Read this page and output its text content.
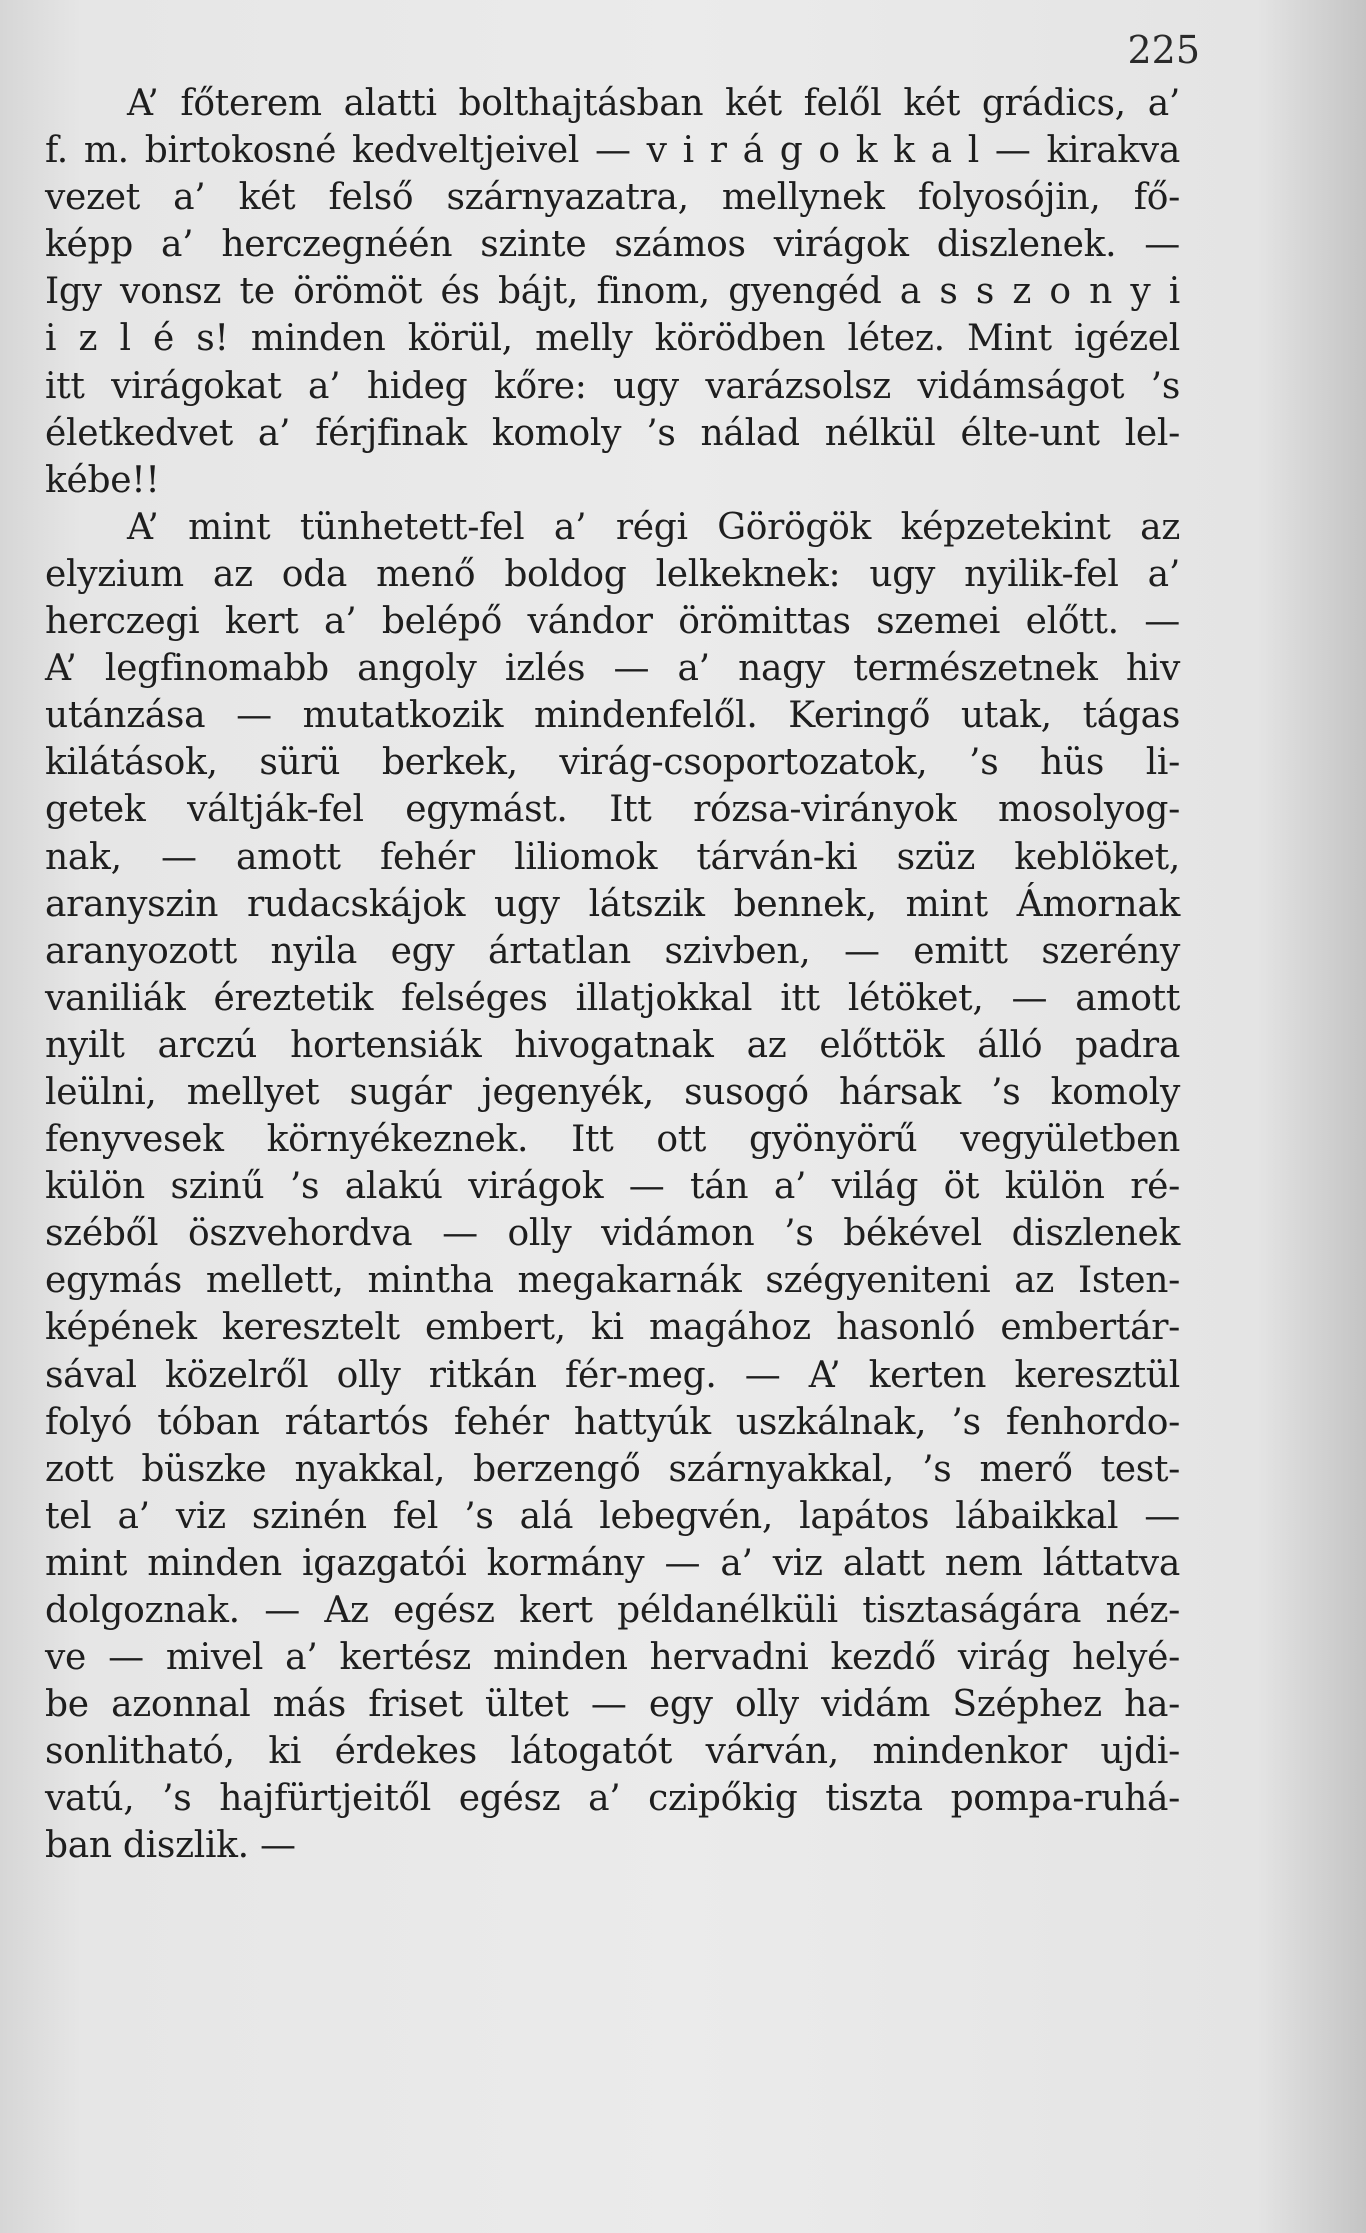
225
A’ főterem alatti bolthajtásban két felől két grádics, a’
f. m. birtokosné kedveltjeivel — v i r á g o k k a l — kirakva
vezet a’ két felső szárnyazatra, mellynek folyosójin, fő-
képp a’ herczegnéén szinte számos virágok diszlenek. —
Igy vonsz te örömöt és bájt, finom, gyengéd a s s z o n y i
i z l é s! minden körül, melly körödben létez. Mint igézel
itt virágokat a’ hideg kőre: ugy varázsolsz vidámságot ’s
életkedvet a’ férjfinak komoly ’s nálad nélkül élte-unt lel-
kébe!!
A’ mint tünhetett-fel a’ régi Görögök képzetekint az
elyzium az oda menő boldog lelkeknek: ugy nyilik-fel a’
herczegi kert a’ belépő vándor örömittas szemei előtt. —
A’ legfinomabb angoly izlés — a’ nagy természetnek hiv
utánzása — mutatkozik mindenfelől. Keringő utak, tágas
kilátások, sürü berkek, virág-csoportozatok, ’s hüs li-
getek váltják-fel egymást. Itt rózsa-virányok mosolyog-
nak, — amott fehér liliomok tárván-ki szüz keblöket,
aranyszin rudacskájok ugy látszik bennek, mint Ámornak
aranyozott nyila egy ártatlan szivben, — emitt szerény
vaniliák éreztetik felséges illatjokkal itt létöket, — amott
nyilt arczú hortensiák hivogatnak az előttök álló padra
leülni, mellyet sugár jegenyék, susogó hársak ’s komoly
fenyvesek környékeznek. Itt ott gyönyörű vegyületben
külön szinű ’s alakú virágok — tán a’ világ öt külön ré-
széből öszvehordva — olly vidámon ’s békével diszlenek
egymás mellett, mintha megakarnák szégyeniteni az Isten-
képének keresztelt embert, ki magához hasonló embertár-
sával közelről olly ritkán fér-meg. — A’ kerten keresztül
folyó tóban rátartós fehér hattyúk uszkálnak, ’s fenhordo-
zott büszke nyakkal, berzengő szárnyakkal, ’s merő test-
tel a’ viz szinén fel ’s alá lebegvén, lapátos lábaikkal —
mint minden igazgatói kormány — a’ viz alatt nem láttatva
dolgoznak. — Az egész kert példanélküli tisztaságára néz-
ve — mivel a’ kertész minden hervadni kezdő virág helyé-
be azonnal más friset ültet — egy olly vidám Széphez ha-
sonlitható, ki érdekes látogatót várván, mindenkor ujdi-
vatú, ’s hajfürtjeitől egész a’ czipőkig tiszta pompa-ruhá-
ban diszlik. —
